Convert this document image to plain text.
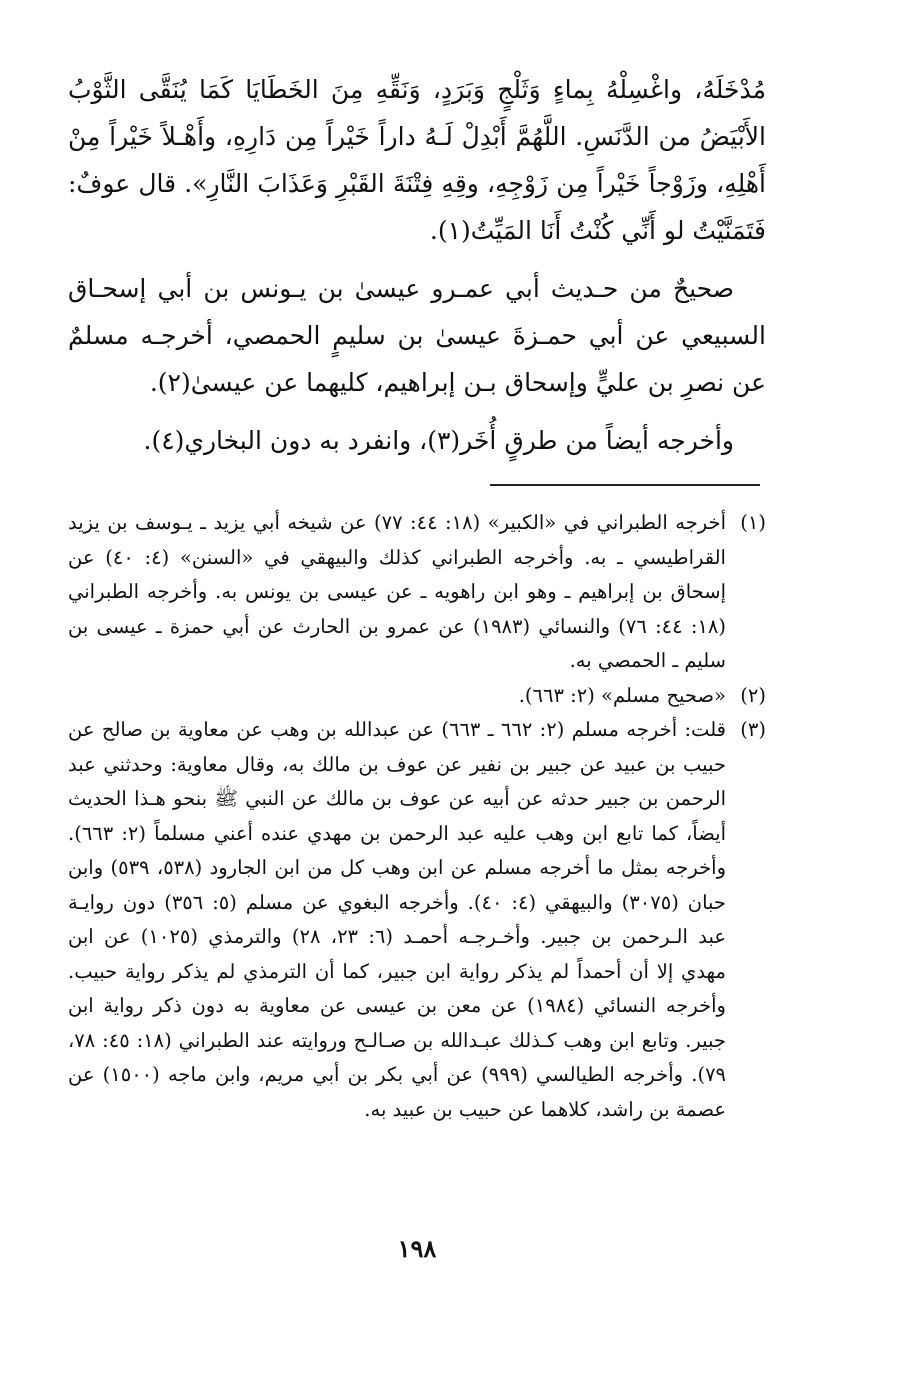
مُدْخَلَهُ، واغْسِلْهُ بِماءٍ وَثَلْجٍ وَبَرَدٍ، وَنَقِّهِ مِنَ الخَطَايَا كَمَا يُنَقَّى الثَّوْبُ الأَبْيَضُ من الدَّنَسِ. اللَّهُمَّ أَبْدِلْ لَـهُ داراً خَيْراً مِن دَارِهِ، وأَهْـلاً خَيْراً مِنْ أَهْلِهِ، وزَوْجاً خَيْراً مِن زَوْجِهِ، وقِهِ فِتْنَةَ القَبْرِ وَعَذَابَ النَّارِ». قال عوفٌ: فَتَمَنَّيْتُ لو أَنِّي كُنْتُ أَنَا المَيِّتُ(١).

صحيحٌ من حـديث أبي عمـرو عيسىٰ بن يـونس بن أبي إسحـاق السبيعي عن أبي حمـزةَ عيسىٰ بن سليمٍ الحمصي، أخرجـه مسلمٌ عن نصرِ بن عليٍّ وإسحاق بـن إبراهيم، كليهما عن عيسىٰ(٢).

وأخرجه أيضاً من طرقٍ أُخَر(٣)، وانفرد به دون البخاري(٤).

(١)
أخرجه الطبراني في «الكبير» (١٨: ٤٤: ٧٧) عن شيخه أبي يزيد ـ يـوسف بن يزيد القراطيسي ـ به. وأخرجه الطبراني كذلك والبيهقي في «السنن» (٤: ٤٠) عن إسحاق بن إبراهيم ـ وهو ابن راهويه ـ عن عيسى بن يونس به. وأخرجه الطبراني (١٨: ٤٤: ٧٦) والنسائي (١٩٨٣) عن عمرو بن الحارث عن أبي حمزة ـ عيسى بن سليم ـ الحمصي به.
(٢)
«صحيح مسلم» (٢: ٦٦٣).
(٣)
قلت: أخرجه مسلم (٢: ٦٦٢ ـ ٦٦٣) عن عبدالله بن وهب عن معاوية بن صالح عن حبيب بن عبيد عن جبير بن نفير عن عوف بن مالك به، وقال معاوية: وحدثني عبد الرحمن بن جبير حدثه عن أبيه عن عوف بن مالك عن النبي ﷺ بنحو هـذا الحديث أيضاً، كما تابع ابن وهب عليه عبد الرحمن بن مهدي عنده أعني مسلماً (٢: ٦٦٣). وأخرجه بمثل ما أخرجه مسلم عن ابن وهب كل من ابن الجارود (٥٣٨، ٥٣٩) وابن حبان (٣٠٧٥) والبيهقي (٤: ٤٠). وأخرجه البغوي عن مسلم (٥: ٣٥٦) دون روايـة عبد الـرحمن بن جبير. وأخـرجـه أحمـد (٦: ٢٣، ٢٨) والترمذي (١٠٢٥) عن ابن مهدي إلا أن أحمداً لم يذكر رواية ابن جبير، كما أن الترمذي لم يذكر رواية حبيب. وأخرجه النسائي (١٩٨٤) عن معن بن عيسى عن معاوية به دون ذكر رواية ابن جبير. وتابع ابن وهب كـذلك عبـدالله بن صـالـح وروايته عند الطبراني (١٨: ٤٥: ٧٨، ٧٩). وأخرجه الطيالسي (٩٩٩) عن أبي بكر بن أبي مريم، وابن ماجه (١٥٠٠) عن عصمة بن راشد، كلاهما عن حبيب بن عبيد به.
١٩٨
